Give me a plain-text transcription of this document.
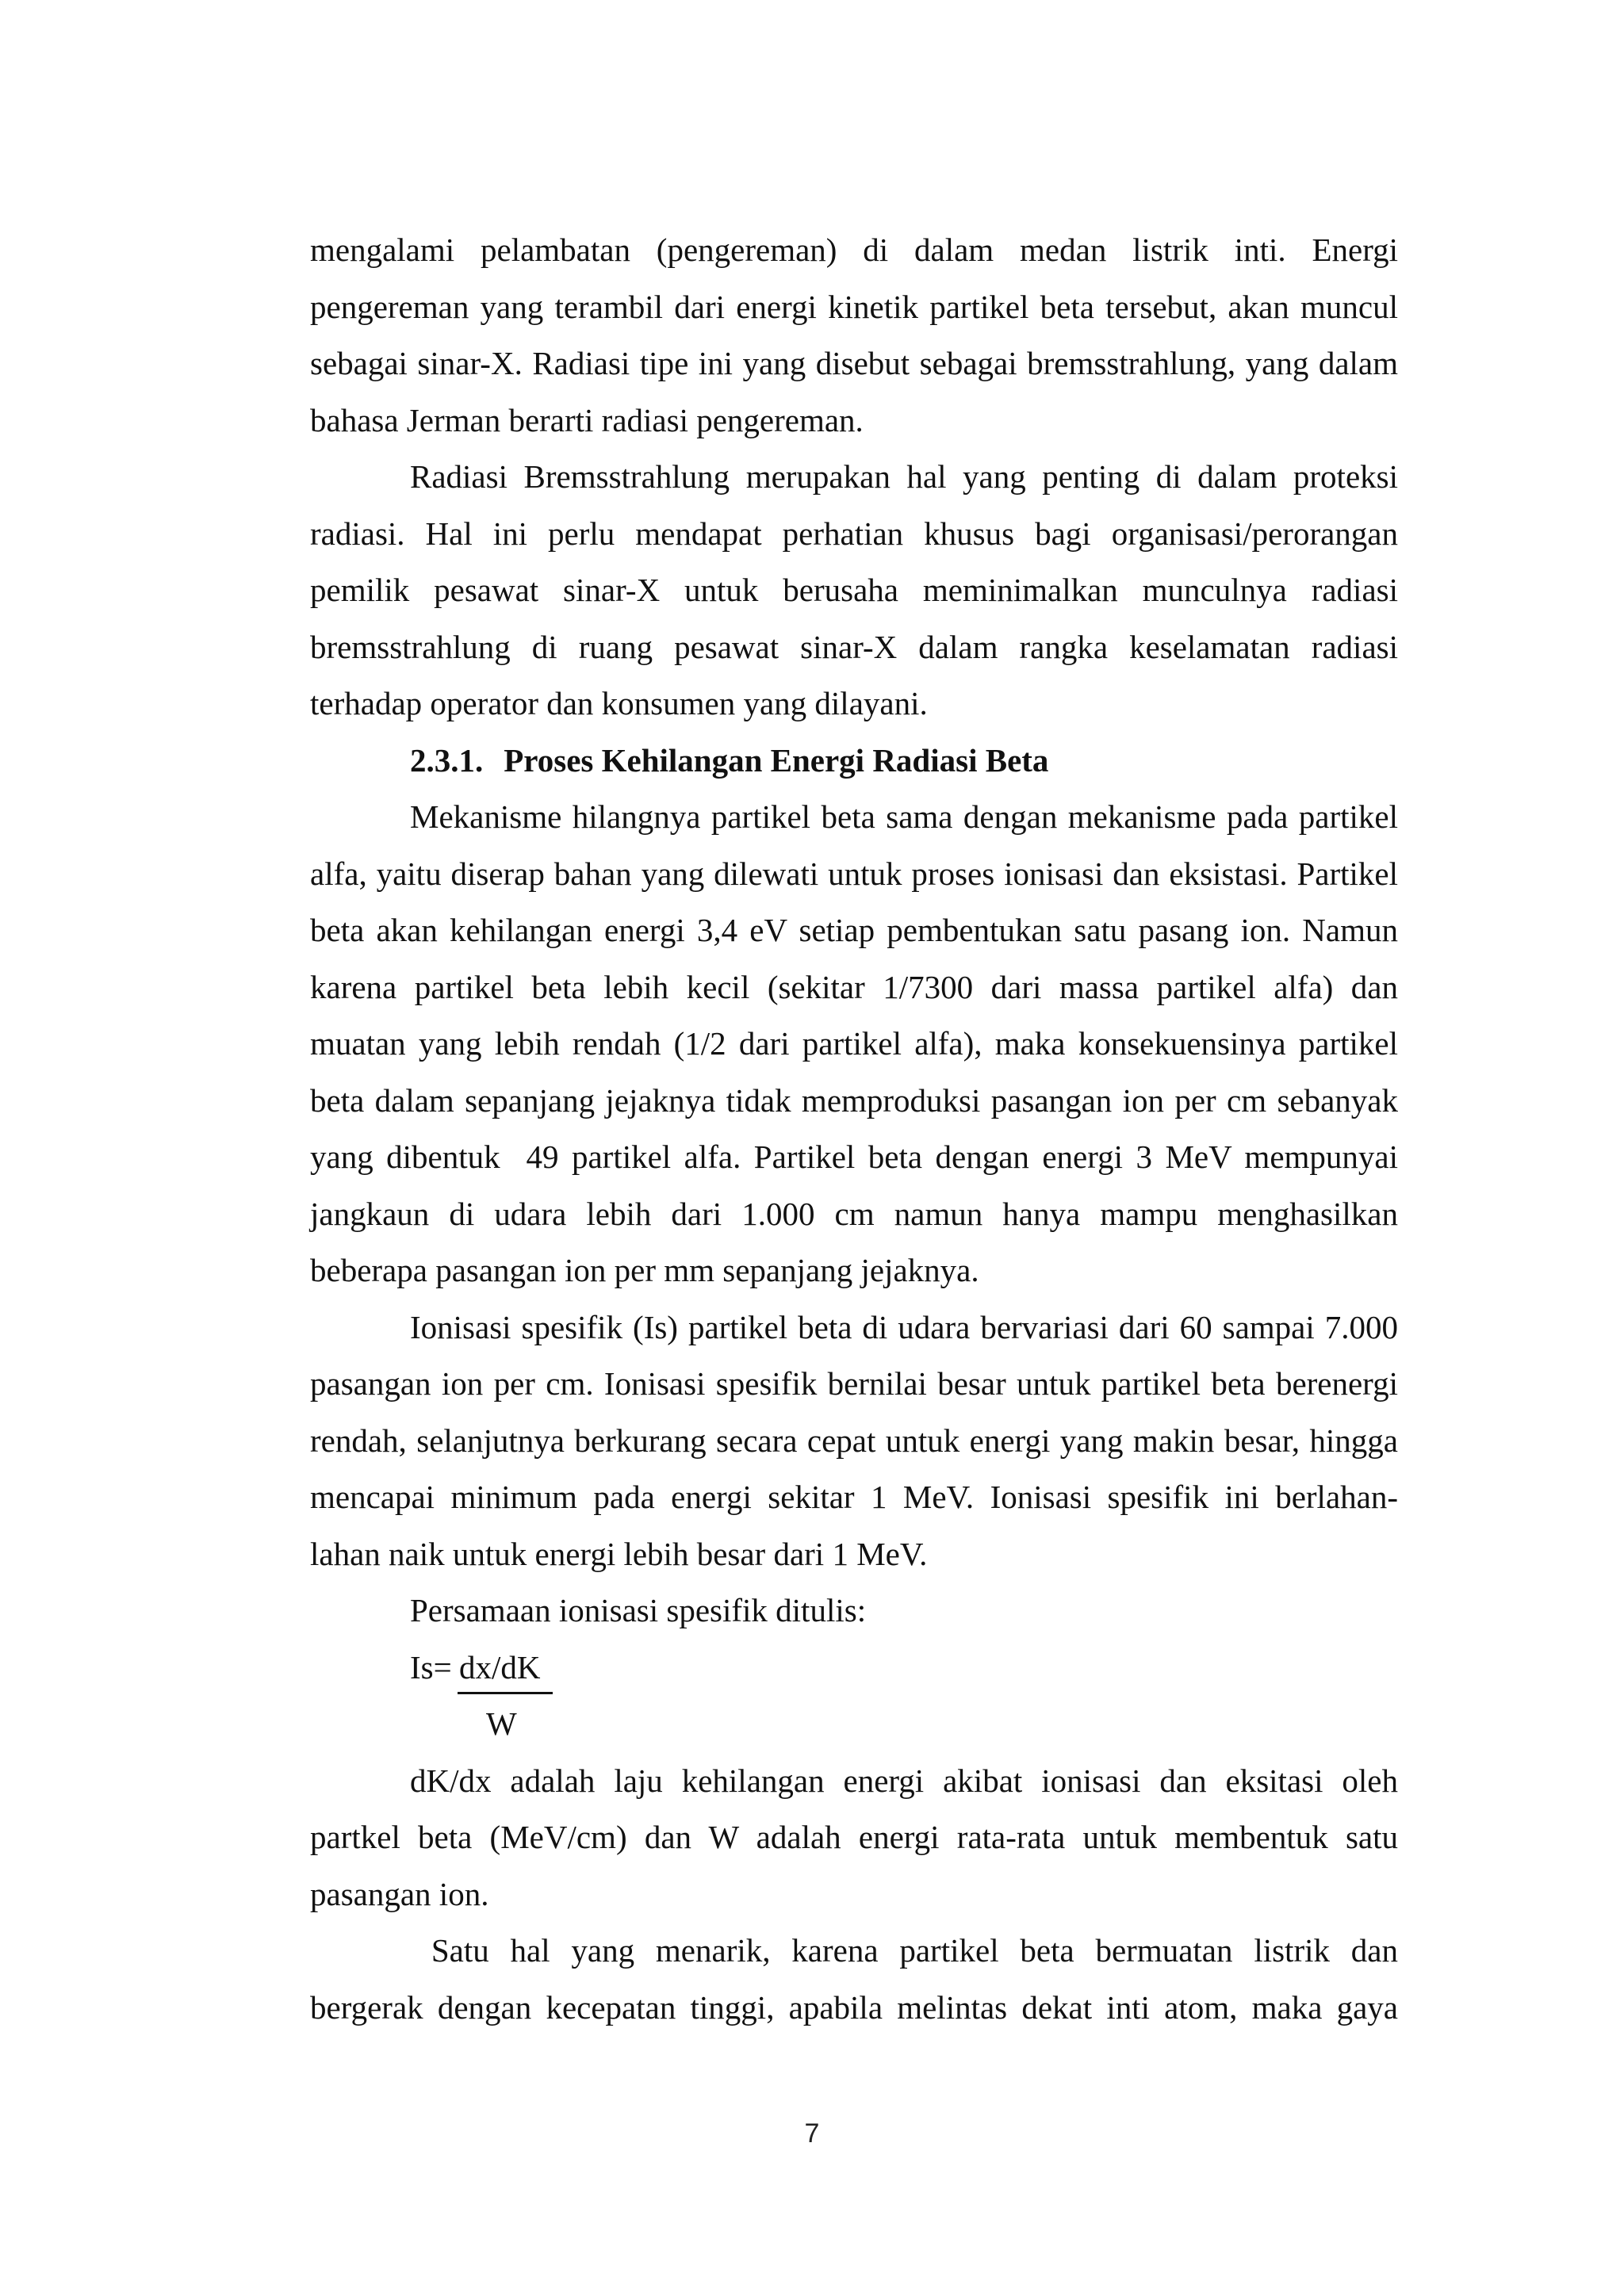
mengalami pelambatan (pengereman) di dalam medan listrik inti. Energi
pengereman yang terambil dari energi kinetik partikel beta tersebut, akan muncul
sebagai sinar-X. Radiasi tipe ini yang disebut sebagai bremsstrahlung, yang dalam
bahasa Jerman berarti radiasi pengereman.

Radiasi Bremsstrahlung merupakan hal yang penting di dalam proteksi
radiasi. Hal ini perlu mendapat perhatian khusus bagi organisasi/perorangan
pemilik pesawat sinar-X untuk berusaha meminimalkan munculnya radiasi
bremsstrahlung di ruang pesawat sinar-X dalam rangka keselamatan radiasi
terhadap operator dan konsumen yang dilayani.

2.3.1. Proses Kehilangan Energi Radiasi Beta

Mekanisme hilangnya partikel beta sama dengan mekanisme pada partikel
alfa, yaitu diserap bahan yang dilewati untuk proses ionisasi dan eksistasi. Partikel
beta akan kehilangan energi 3,4 eV setiap pembentukan satu pasang ion. Namun
karena partikel beta lebih kecil (sekitar 1/7300 dari massa partikel alfa) dan
muatan yang lebih rendah (1/2 dari partikel alfa), maka konsekuensinya partikel
beta dalam sepanjang jejaknya tidak memproduksi pasangan ion per cm sebanyak
yang dibentuk  49 partikel alfa. Partikel beta dengan energi 3 MeV mempunyai
jangkaun di udara lebih dari 1.000 cm namun hanya mampu menghasilkan
beberapa pasangan ion per mm sepanjang jejaknya.

Ionisasi spesifik (Is) partikel beta di udara bervariasi dari 60 sampai 7.000
pasangan ion per cm. Ionisasi spesifik bernilai besar untuk partikel beta berenergi
rendah, selanjutnya berkurang secara cepat untuk energi yang makin besar, hingga
mencapai minimum pada energi sekitar 1 MeV. Ionisasi spesifik ini berlahan-
lahan naik untuk energi lebih besar dari 1 MeV.

Persamaan ionisasi spesifik ditulis:

Is= dx/dK
W

dK/dx adalah laju kehilangan energi akibat ionisasi dan eksitasi oleh
partkel beta (MeV/cm) dan W adalah energi rata-rata untuk membentuk satu
pasangan ion.

Satu hal yang menarik, karena partikel beta bermuatan listrik dan
bergerak dengan kecepatan tinggi, apabila melintas dekat inti atom, maka gaya

7
